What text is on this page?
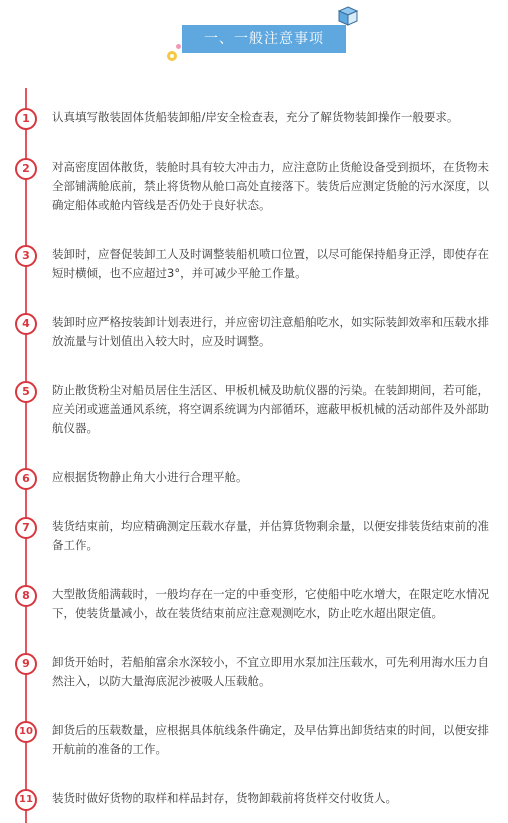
一、一般注意事项
1	认真填写散装固体货船装卸船/岸安全检查表，充分了解货物装卸操作一般要求。
2	对高密度固体散货，装舱时具有较大冲击力，应注意防止货舱设备受到损坏，在货物未全部铺满舱底前，禁止将货物从舱口高处直接落下。装货后应测定货舱的污水深度，以确定船体或舱内管线是否仍处于良好状态。
3	装卸时，应督促装卸工人及时调整装船机喷口位置，以尽可能保持船身正浮，即使存在短时横倾，也不应超过3°，并可减少平舱工作量。
4	装卸时应严格按装卸计划表进行，并应密切注意船舶吃水，如实际装卸效率和压载水排放流量与计划值出入较大时，应及时调整。
5	防止散货粉尘对船员居住生活区、甲板机械及助航仪器的污染。在装卸期间，若可能，应关闭或遮盖通风系统，将空调系统调为内部循环，遮蔽甲板机械的活动部件及外部助航仪器。
6	应根据货物静止角大小进行合理平舱。
7	装货结束前，均应精确测定压载水存量，并估算货物剩余量，以便安排装货结束前的准备工作。
8	大型散货船满载时，一般均存在一定的中垂变形，它使船中吃水增大，在限定吃水情况下，使装货量减小，故在装货结束前应注意观测吃水，防止吃水超出限定值。
9	卸货开始时，若船舶富余水深较小，不宜立即用水泵加注压载水，可先利用海水压力自然注入，以防大量海底泥沙被吸人压载舱。
10	卸货后的压载数量，应根据具体航线条件确定，及早估算出卸货结束的时间，以便安排开航前的准备的工作。
11	装货时做好货物的取样和样品封存，货物卸载前将货样交付收货人。
